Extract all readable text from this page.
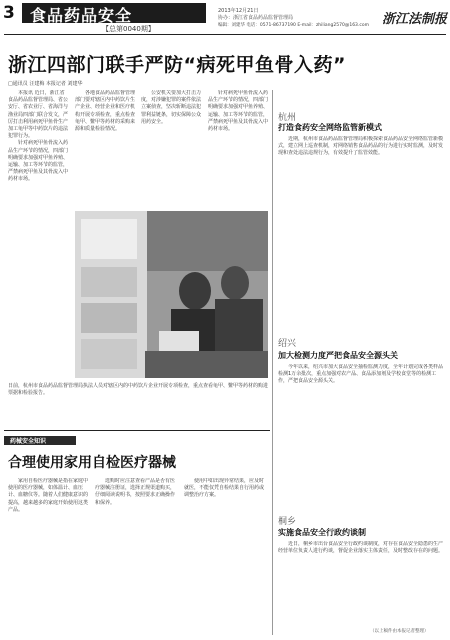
3 食品药品安全
【总第0040期】
2013年12月21日
协办：浙江省食品药品监督管理局
编辑：刘建华 电话：0571-86737190 E-mail：zhiliang2570@163.com 浙江法制报
浙江四部门联手严防“病死甲鱼骨入药”
□通讯员 汪建梅 本报记者 刘建华

本报讯 近日，浙江省食品药品监督管理局、省公安厅、省农业厅、省海洋与渔业局四部门联合发文，严厉打击利用病死甲鱼骨生产加工龟甲等中药饮片的违法犯罪行为。

针对病死甲鱼骨流入药品生产环节的情况，四部门明确要求加强对甲鱼养殖、运输、加工等环节的监管，严禁病死甲鱼及其骨流入中药材市场。

各地食品药品监督管理部门要对辖区内中药饮片生产企业、经营企业和医疗机构开展专项检查，重点检查龟甲、鳖甲等药材的采购来源和质量检验情况。

公安机关要加大打击力度，对涉嫌犯罪的案件依法立案侦查，坚决斩断违法犯罪利益链条，切实保障公众用药安全。

针对病死甲鱼骨流入药品生产环节的情况，四部门明确要求加强对甲鱼养殖、运输、加工等环节的监管，严禁病死甲鱼及其骨流入中药材市场。

日前，杭州市食品药品监督管理局执法人员对辖区内的中药饮片企业开展专项检查，重点查看龟甲、鳖甲等药材的购进票据和检验报告。
药械安全知识
合理使用家用自检医疗器械

家用自检医疗器械是指在家庭中使用的医疗器械，如体温计、血压计、血糖仪等。随着人们健康意识的提高，越来越多的家庭开始使用这类产品。

选购时应注意查看产品是否有医疗器械注册证，选择正规渠道购买，仔细阅读说明书，按照要求正确操作和保养。

使用中如出现异常结果，应及时就医，不能仅凭自检结果自行用药或调整治疗方案。

杭州
打造食药安全网络监管新模式

近期，杭州市食品药品监督管理局积极探索食品药品安全网络监管新模式，建立网上巡查机制，对网络销售食品药品的行为进行实时监测，及时发现和查处违法违规行为，有效提升了监管效能。

绍兴
加大检测力度严把食品安全源头关

今年以来，绍兴市加大食品安全抽检监测力度，全年计划完成各类样品检测1万余批次，重点加强对农产品、食品添加剂及学校食堂等的检测工作，严把食品安全源头关。

桐乡
实施食品安全行政约谈制

近日，桐乡市出台食品安全行政约谈制度，对存在食品安全隐患的生产经营单位负责人进行约谈，督促企业落实主体责任，及时整改存在的问题。

（以上稿件由本报记者整理）
